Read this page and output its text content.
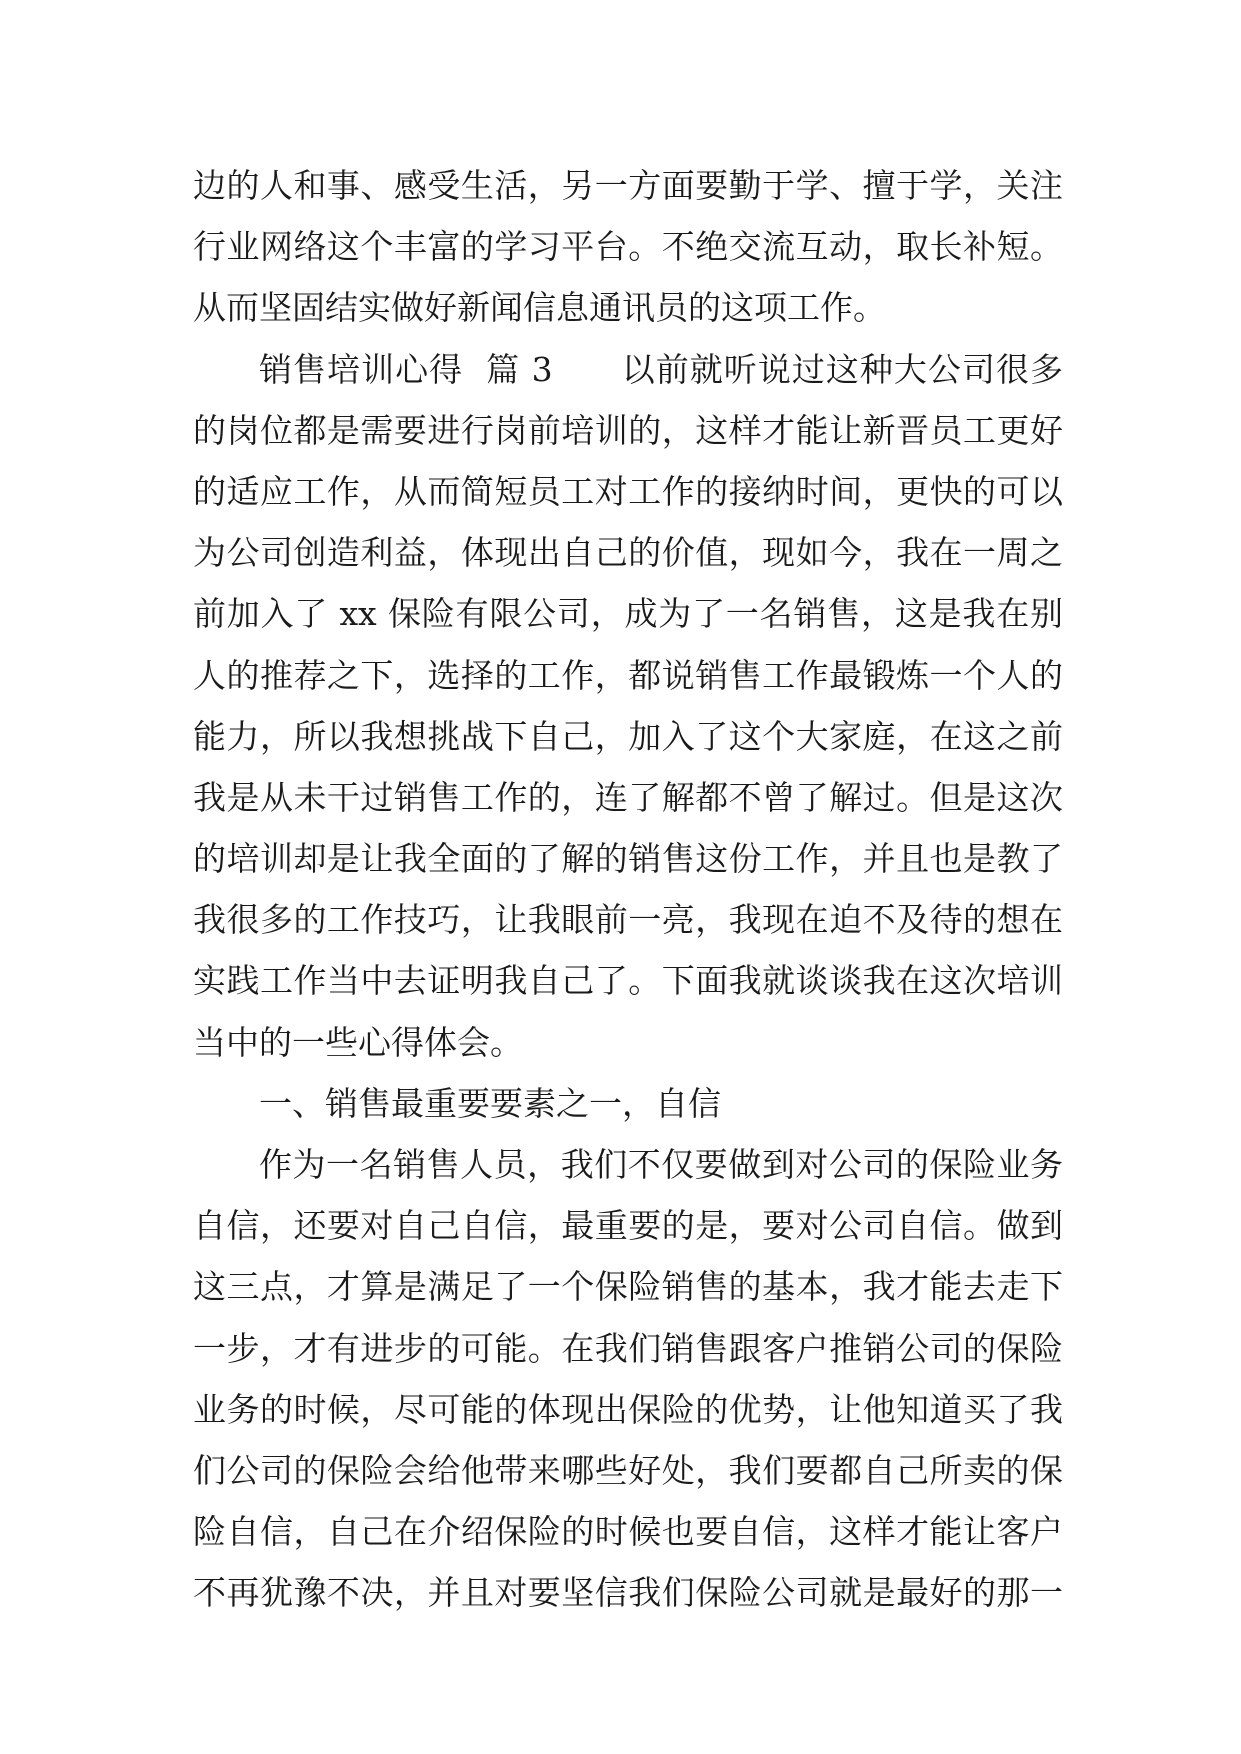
边的人和事、感受生活，另一方面要勤于学、擅于学，关注
行业网络这个丰富的学习平台。不绝交流互动，取长补短。
从而坚固结实做好新闻信息通讯员的这项工作。
销售培训心得  篇 3      以前就听说过这种大公司很多
的岗位都是需要进行岗前培训的，这样才能让新晋员工更好
的适应工作，从而简短员工对工作的接纳时间，更快的可以
为公司创造利益，体现出自己的价值，现如今，我在一周之
前加入了 xx 保险有限公司，成为了一名销售，这是我在别
人的推荐之下，选择的工作，都说销售工作最锻炼一个人的
能力，所以我想挑战下自己，加入了这个大家庭，在这之前
我是从未干过销售工作的，连了解都不曾了解过。但是这次
的培训却是让我全面的了解的销售这份工作，并且也是教了
我很多的工作技巧，让我眼前一亮，我现在迫不及待的想在
实践工作当中去证明我自己了。下面我就谈谈我在这次培训
当中的一些心得体会。
一、销售最重要要素之一，自信
作为一名销售人员，我们不仅要做到对公司的保险业务
自信，还要对自己自信，最重要的是，要对公司自信。做到
这三点，才算是满足了一个保险销售的基本，我才能去走下
一步，才有进步的可能。在我们销售跟客户推销公司的保险
业务的时候，尽可能的体现出保险的优势，让他知道买了我
们公司的保险会给他带来哪些好处，我们要都自己所卖的保
险自信，自己在介绍保险的时候也要自信，这样才能让客户
不再犹豫不决，并且对要坚信我们保险公司就是最好的那一
